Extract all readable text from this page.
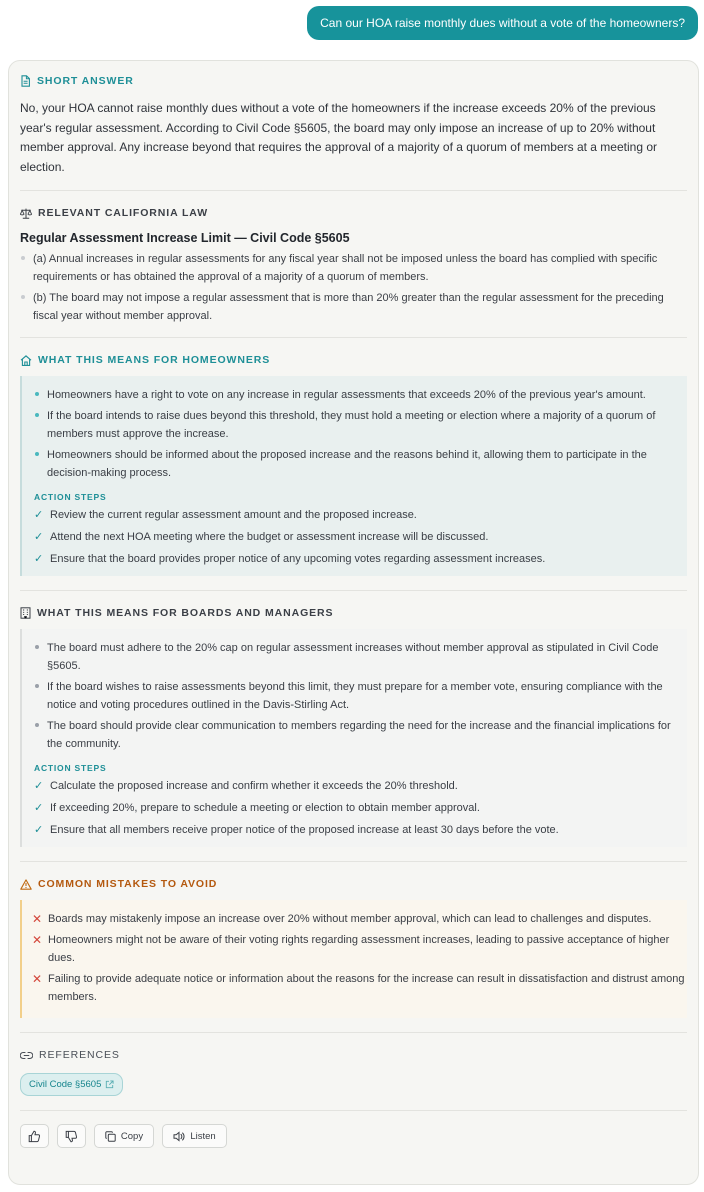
Can our HOA raise monthly dues without a vote of the homeowners?
SHORT ANSWER

No, your HOA cannot raise monthly dues without a vote of the homeowners if the increase exceeds 20% of the previous year's regular assessment. According to Civil Code §5605, the board may only impose an increase of up to 20% without member approval. Any increase beyond that requires the approval of a majority of a quorum of members at a meeting or election.

RELEVANT CALIFORNIA LAW
Regular Assessment Increase Limit — Civil Code §5605
(a) Annual increases in regular assessments for any fiscal year shall not be imposed unless the board has complied with specific requirements or has obtained the approval of a majority of a quorum of members.
(b) The board may not impose a regular assessment that is more than 20% greater than the regular assessment for the preceding fiscal year without member approval.
WHAT THIS MEANS FOR HOMEOWNERS
Homeowners have a right to vote on any increase in regular assessments that exceeds 20% of the previous year's amount.
If the board intends to raise dues beyond this threshold, they must hold a meeting or election where a majority of a quorum of members must approve the increase.
Homeowners should be informed about the proposed increase and the reasons behind it, allowing them to participate in the decision-making process.
ACTION STEPS
✓ Review the current regular assessment amount and the proposed increase.
✓ Attend the next HOA meeting where the budget or assessment increase will be discussed.
✓ Ensure that the board provides proper notice of any upcoming votes regarding assessment increases.
WHAT THIS MEANS FOR BOARDS AND MANAGERS
The board must adhere to the 20% cap on regular assessment increases without member approval as stipulated in Civil Code §5605.
If the board wishes to raise assessments beyond this limit, they must prepare for a member vote, ensuring compliance with the notice and voting procedures outlined in the Davis-Stirling Act.
The board should provide clear communication to members regarding the need for the increase and the financial implications for the community.
ACTION STEPS
✓ Calculate the proposed increase and confirm whether it exceeds the 20% threshold.
✓ If exceeding 20%, prepare to schedule a meeting or election to obtain member approval.
✓ Ensure that all members receive proper notice of the proposed increase at least 30 days before the vote.
COMMON MISTAKES TO AVOID
✕ Boards may mistakenly impose an increase over 20% without member approval, which can lead to challenges and disputes.
✕ Homeowners might not be aware of their voting rights regarding assessment increases, leading to passive acceptance of higher dues.
✕ Failing to provide adequate notice or information about the reasons for the increase can result in dissatisfaction and distrust among members.
REFERENCES
Civil Code §5605
Copy	Listen
